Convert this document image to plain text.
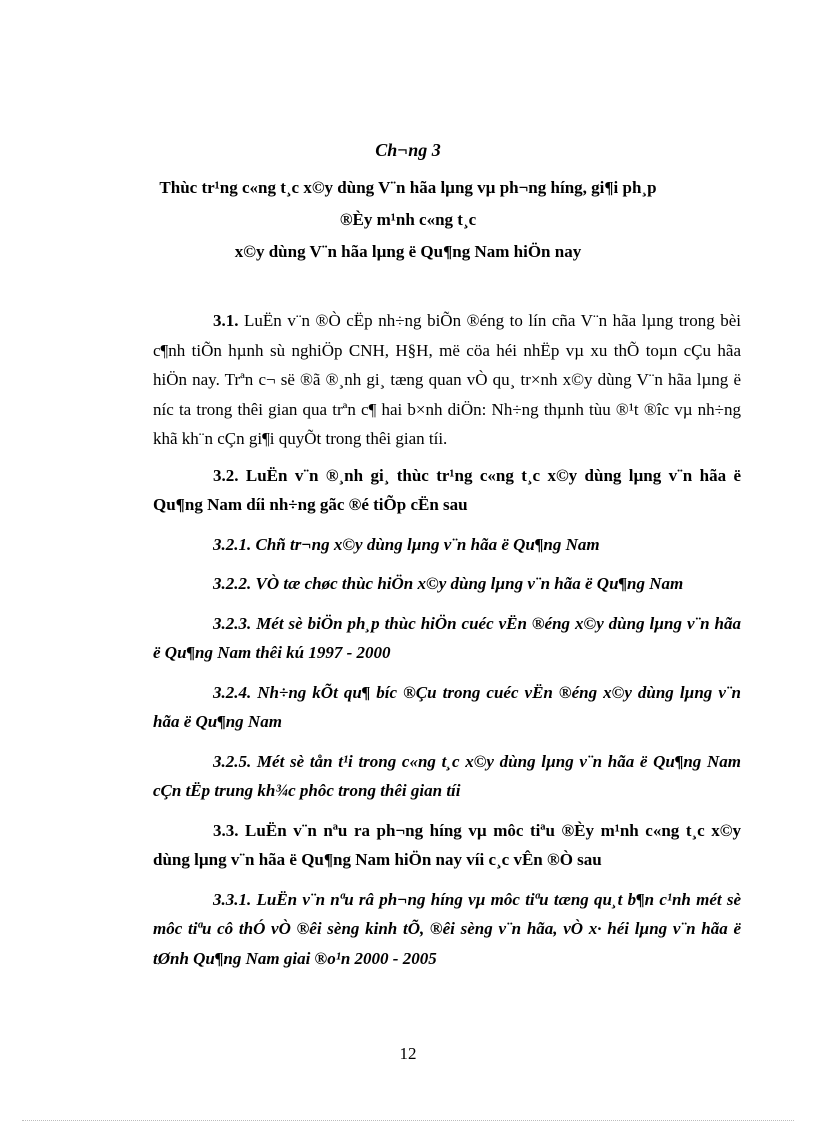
Ch¬ng 3
Thùc tr¹ng c«ng t¸c x©y dùng V¨n hãa lµng vµ ph¬ng híng, gi¶i ph¸p
®Èy m¹nh c«ng t¸c
x©y dùng V¨n hãa lµng ë Qu¶ng Nam hiÖn nay

3.1. LuËn v¨n ®Ò cËp nh÷ng biÕn ®éng to lín cña V¨n hãa lµng trong bèi c¶nh tiÕn hµnh sù nghiÖp CNH, H§H, më cöa héi nhËp vµ xu thÕ toµn cÇu hãa hiÖn nay. Trªn c¬ së ®ã ®¸nh gi¸ tæng quan vÒ qu¸ tr×nh x©y dùng V¨n hãa lµng ë níc ta trong thêi gian qua trªn c¶ hai b×nh diÖn: Nh÷ng thµnh tùu ®¹t ®îc vµ nh÷ng khã kh¨n cÇn gi¶i quyÕt trong thêi gian tíi.

3.2. LuËn v¨n ®¸nh gi¸ thùc tr¹ng c«ng t¸c x©y dùng lµng v¨n hãa ë Qu¶ng Nam díi nh÷ng gãc ®é tiÕp cËn sau

3.2.1. Chñ tr¬ng x©y dùng lµng v¨n hãa ë Qu¶ng Nam

3.2.2. VÒ tæ chøc thùc hiÖn x©y dùng lµng v¨n hãa ë Qu¶ng Nam

3.2.3. Mét sè biÖn ph¸p thùc hiÖn cuéc vËn ®éng x©y dùng lµng v¨n hãa ë Qu¶ng Nam thêi kú 1997 - 2000

3.2.4. Nh÷ng kÕt qu¶ bíc ®Çu trong cuéc vËn ®éng x©y dùng lµng v¨n hãa ë Qu¶ng Nam

3.2.5. Mét sè tån t¹i trong c«ng t¸c x©y dùng lµng v¨n hãa ë Qu¶ng Nam cÇn tËp trung kh¾c phôc trong thêi gian tíi

3.3. LuËn v¨n nªu ra ph¬ng híng vµ môc tiªu ®Èy m¹nh c«ng t¸c x©y dùng lµng v¨n hãa ë Qu¶ng Nam hiÖn nay víi c¸c vÊn ®Ò sau

3.3.1. LuËn v¨n nªu râ ph¬ng híng vµ môc tiªu tæng qu¸t b¶n c¹nh mét sè môc tiªu cô thÓ vÒ ®êi sèng kinh tÕ, ®êi sèng v¨n hãa, vÒ x· héi lµng v¨n hãa ë tØnh Qu¶ng Nam giai ®o¹n 2000 - 2005

12
